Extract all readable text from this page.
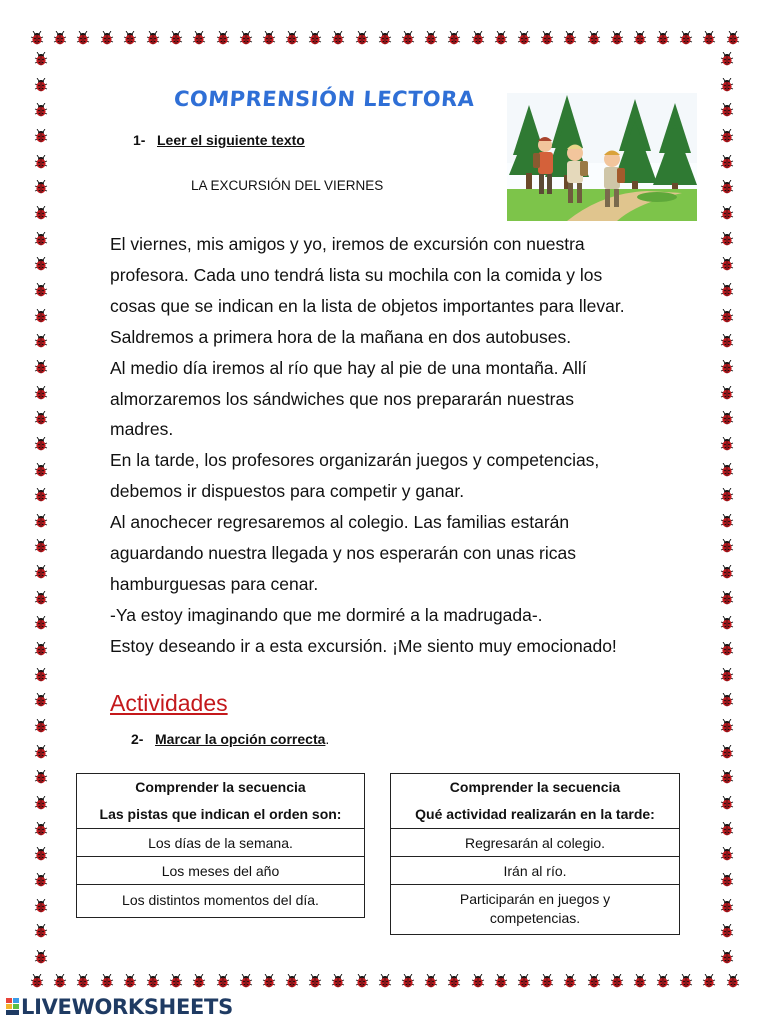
COMPRENSIÓN LECTORA
1- Leer el siguiente texto
LA EXCURSIÓN DEL VIERNES

El viernes, mis amigos y yo, iremos de excursión con nuestra

profesora. Cada uno tendrá lista su mochila con la comida y los

cosas que se indican en la lista de objetos importantes para llevar.

Saldremos a primera hora de la mañana en dos autobuses.

Al medio día iremos al río que hay al pie de una montaña. Allí

almorzaremos los sándwiches que nos prepararán nuestras

madres.

En la tarde, los profesores organizarán juegos y competencias,

debemos ir dispuestos para competir y ganar.

Al anochecer regresaremos al colegio. Las familias estarán

aguardando nuestra llegada y nos esperarán con unas ricas

hamburguesas para cenar.

-Ya estoy imaginando que me dormiré a la madrugada-.

Estoy deseando ir a esta excursión. ¡Me siento muy emocionado!

Actividades
2- Marcar la opción correcta.
Comprender la secuencia
Las pistas que indican el orden son:
Los días de la semana.
Los meses del año
Los distintos momentos del día.
Comprender la secuencia
Qué actividad realizarán en la tarde:
Regresarán al colegio.
Irán al río.
Participarán en juegos y competencias.
LIVEWORKSHEETS
